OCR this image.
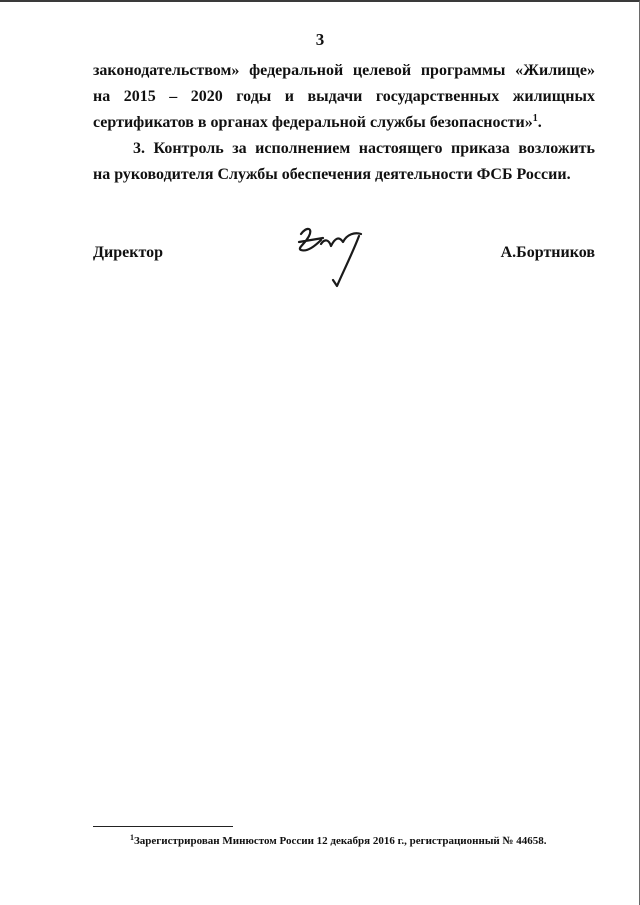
3
законодательством» федеральной целевой программы «Жилище»
на 2015 – 2020 годы и выдачи государственных жилищных
сертификатов в органах федеральной службы безопасности»$^1$.
3. Контроль за исполнением настоящего приказа возложить
на руководителя Службы обеспечения деятельности ФСБ России.
Директор	А.Бортников
$^1$Зарегистрирован Минюстом России 12 декабря 2016 г., регистрационный № 44658.
